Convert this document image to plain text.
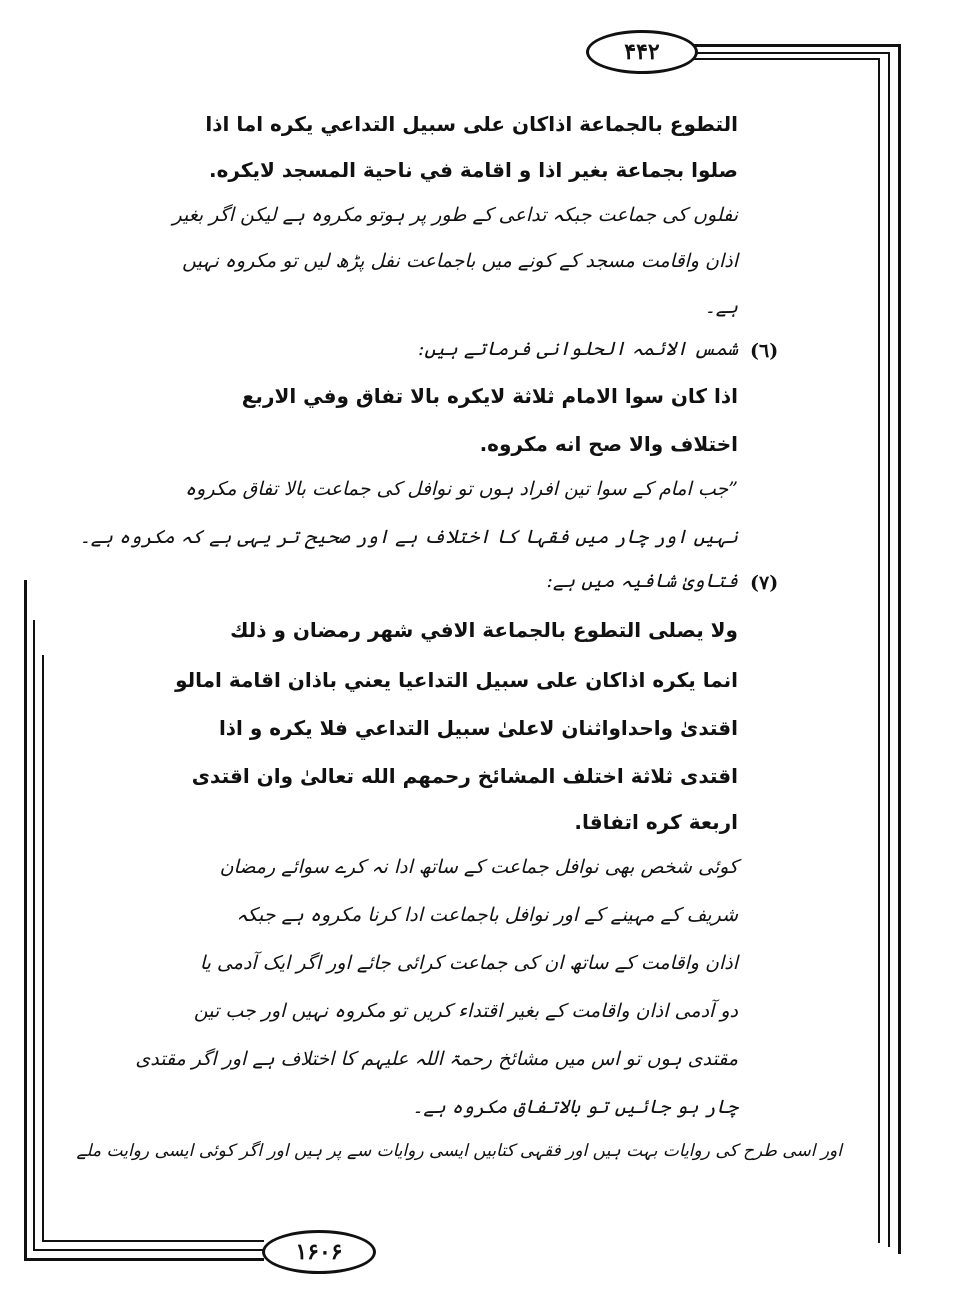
۴۴۲
۱۶۰۶
التطوع بالجماعة اذاكان على سبيل التداعي يكره اما اذا
صلوا بجماعة بغير اذا و اقامة في ناحية المسجد لايكره.
نفلوں کی جماعت جبکہ تداعی کے طور پر ہوتو مکروہ ہے لیکن اگر بغیر
اذان واقامت مسجد کے کونے میں باجماعت نفل پڑھ لیں تو مکروہ نہیں
ہے۔
(٦)
شمس الائمہ الحلوانی فرماتے ہیں:
اذا كان سوا الامام ثلاثة لايكره بالا تفاق وفي الاربع
اختلاف والا صح انه مكروه.
”جب امام کے سوا تین افراد ہوں تو نوافل کی جماعت بالا تفاق مکروہ
نہیں اور چار میں فقہا کا اختلاف ہے اور صحیح تر یہی ہے کہ مکروہ ہے۔
(٧)
فتاویٰ شافیہ میں ہے:
ولا يصلى التطوع بالجماعة الافي شهر رمضان و ذلك
انما يكره اذاكان على سبيل التداعيا يعني باذان اقامة امالو
اقتدیٰ واحداواثنان لاعلیٰ سبيل التداعي فلا يكره و اذا
اقتدى ثلاثة اختلف المشائخ رحمهم الله تعالیٰ وان اقتدى
اربعة كره اتفاقا.
کوئی شخص بھی نوافل جماعت کے ساتھ ادا نہ کرے سوائے رمضان
شریف کے مہینے کے اور نوافل باجماعت ادا کرنا مکروہ ہے جبکہ
اذان واقامت کے ساتھ ان کی جماعت کرائی جائے اور اگر ایک آدمی یا
دو آدمی اذان واقامت کے بغیر اقتداء کریں تو مکروہ نہیں اور جب تین
مقتدی ہوں تو اس میں مشائخ رحمۃ اللہ علیہم کا اختلاف ہے اور اگر مقتدی
چار ہو جائیں تو بالاتفاق مکروہ ہے۔
اور اسی طرح کی روایات بہت ہیں اور فقہی کتابیں ایسی روایات سے پر ہیں اور اگر کوئی ایسی روایت ملے
